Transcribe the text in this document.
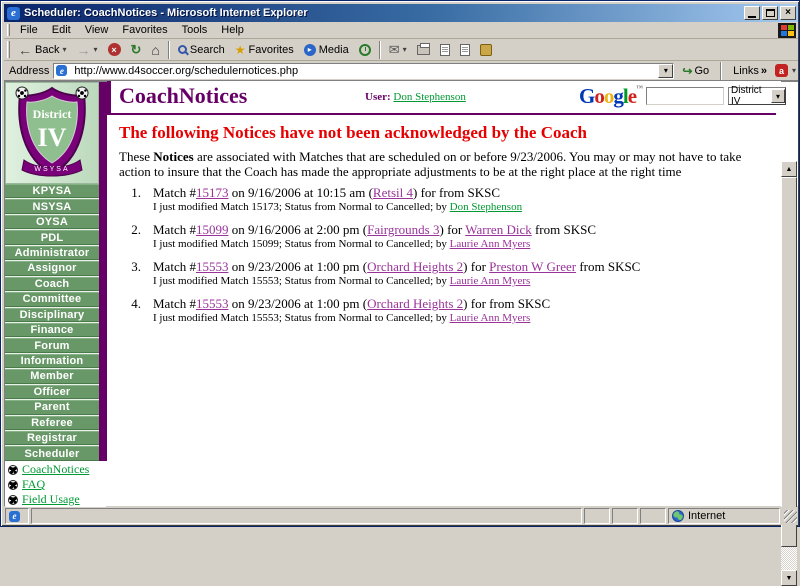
e Scheduler: CoachNotices - Microsoft Internet Explorer	×
File Edit View Favorites Tools Help
← Back ▾ → ▾	× ↻ ⌂	Search ★ Favorites	▸ Media	✉ ▾
Address	e http://www.d4soccer.org/schedulernotices.php	▾	↪ Go Links »	a	▾
District
IV
WSYSA
KPYSA
NSYSA
OYSA
PDL
Administrator
Assignor
Coach
Committee
Disciplinary
Finance
Forum
Information
Member
Officer
Parent
Referee
Registrar
Scheduler
CoachNotices
FAQ
Field Usage
CoachNotices	User: Don Stephenson	Google™	District IV	▾
The following Notices have not been acknowledged by the Coach
These Notices are associated with Matches that are scheduled on or before 9/23/2006. You may or may not have to take action to insure that the Coach has made the appropriate adjustments to be at the right place at the right time
1. Match #15173 on 9/16/2006 at 10:15 am (Retsil 4) for from SKSC
I just modified Match 15173; Status from Normal to Cancelled; by Don Stephenson
2. Match #15099 on 9/16/2006 at 2:00 pm (Fairgrounds 3) for Warren Dick from SKSC
I just modified Match 15099; Status from Normal to Cancelled; by Laurie Ann Myers
3. Match #15553 on 9/23/2006 at 1:00 pm (Orchard Heights 2) for Preston W Greer from SKSC
I just modified Match 15553; Status from Normal to Cancelled; by Laurie Ann Myers
4. Match #15553 on 9/23/2006 at 1:00 pm (Orchard Heights 2) for from SKSC
I just modified Match 15553; Status from Normal to Cancelled; by Laurie Ann Myers
▲
▼
e	Internet
